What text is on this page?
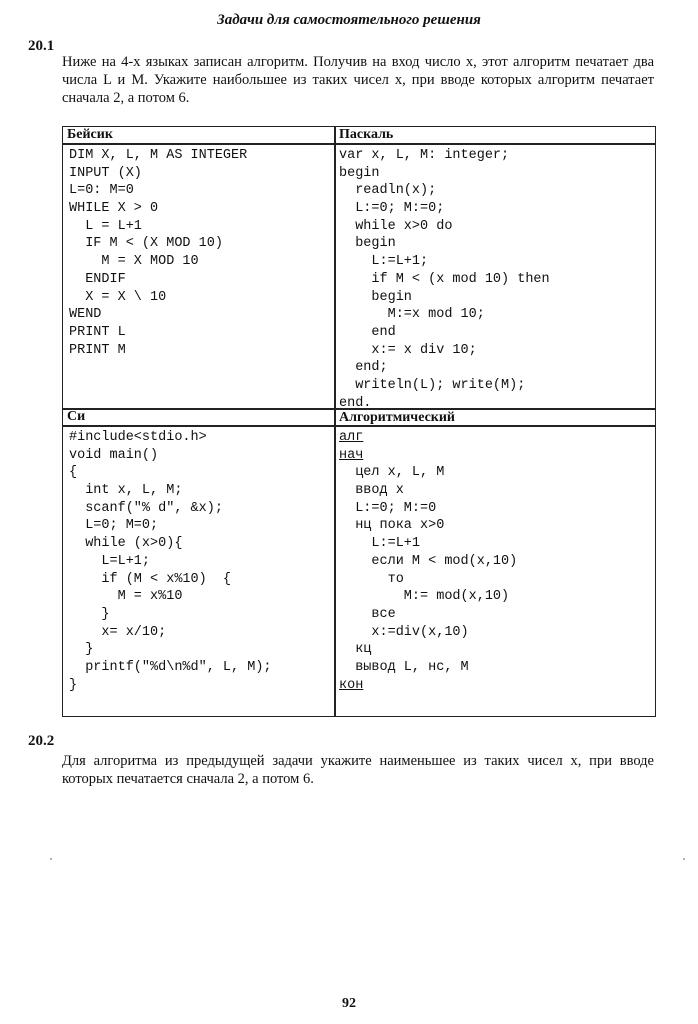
Задачи для самостоятельного решения
20.1
Ниже на 4-х языках записан алгоритм. Получив на вход число x, этот алгоритм печатает два числа L и M. Укажите наибольшее из таких чисел x, при вводе которых алгоритм печатает сначала 2, а потом 6.
Бейсик	Паскаль
Си	Алгоритмический
DIM X, L, M AS INTEGER
INPUT (X)
L=0: M=0
WHILE X > 0
L = L+1
IF M < (X MOD 10)
M = X MOD 10
ENDIF
X = X \ 10
WEND
PRINT L
PRINT M
var x, L, M: integer;
begin
readln(x);
L:=0; M:=0;
while x>0 do
begin
L:=L+1;
if M < (x mod 10) then
begin
M:=x mod 10;
end
x:= x div 10;
end;
writeln(L); write(M);
end.
#include<stdio.h>
void main()
{
int x, L, M;
scanf("% d", &x);
L=0; M=0;
while (x>0){
L=L+1;
if (M < x%10)  {
M = x%10
}
x= x/10;
}
printf("%d\n%d", L, M);
}
алг
нач
цел x, L, M
ввод x
L:=0; M:=0
нц пока x>0
L:=L+1
если M < mod(x,10)
то
M:= mod(x,10)
все
x:=div(x,10)
кц
вывод L, нс, M
кон
20.2
Для алгоритма из предыдущей задачи укажите наименьшее из таких чисел x, при вводе которых печатается сначала 2, а потом 6.
92
